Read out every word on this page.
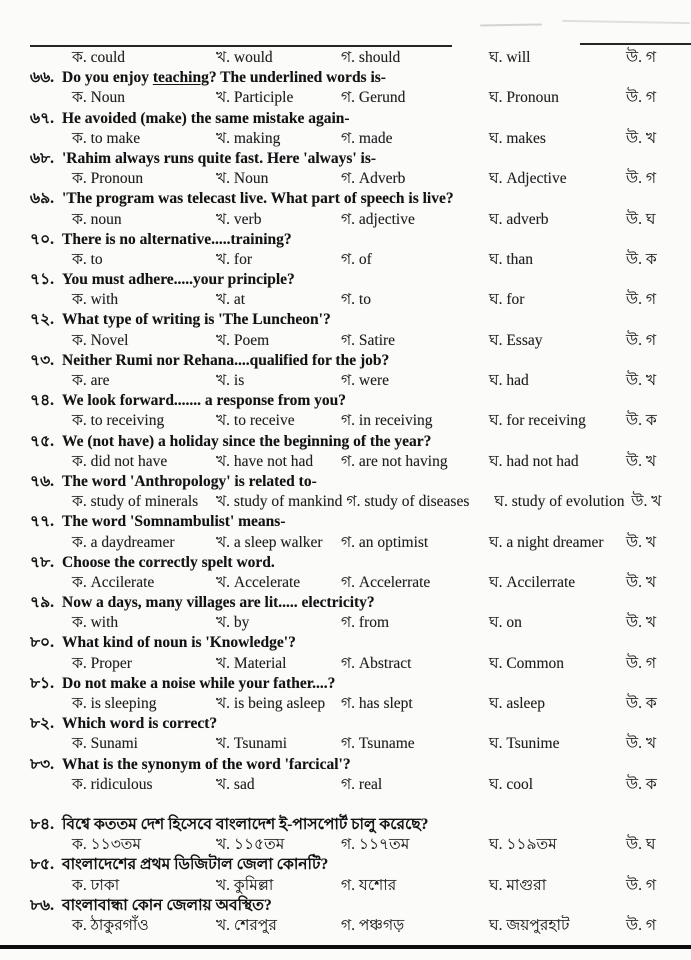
ক. could	খ. would	গ. should	ঘ. will	উ. গ
৬৬. Do you enjoy teaching? The underlined words is-
ক. Noun	খ. Participle	গ. Gerund	ঘ. Pronoun	উ. গ
৬৭. He avoided (make) the same mistake again-
ক. to make	খ. making	গ. made	ঘ. makes	উ. খ
৬৮. 'Rahim always runs quite fast. Here 'always' is-
ক. Pronoun	খ. Noun	গ. Adverb	ঘ. Adjective	উ. গ
৬৯. 'The program was telecast live. What part of speech is live?
ক. noun	খ. verb	গ. adjective	ঘ. adverb	উ. ঘ
৭০. There is no alternative.....training?
ক. to	খ. for	গ. of	ঘ. than	উ. ক
৭১. You must adhere.....your principle?
ক. with	খ. at	গ. to	ঘ. for	উ. গ
৭২. What type of writing is 'The Luncheon'?
ক. Novel	খ. Poem	গ. Satire	ঘ. Essay	উ. গ
৭৩. Neither Rumi nor Rehana....qualified for the job?
ক. are	খ. is	গ. were	ঘ. had	উ. খ
৭৪. We look forward....... a response from you?
ক. to receiving	খ. to receive	গ. in receiving	ঘ. for receiving	উ. ক
৭৫. We (not have) a holiday since the beginning of the year?
ক. did not have	খ. have not had	গ. are not having	ঘ. had not had	উ. খ
৭৬. The word 'Anthropology' is related to-
ক. study of minerals	খ. study of mankind গ. study of diseases	ঘ. study of evolution উ. খ
৭৭. The word 'Somnambulist' means-
ক. a daydreamer	খ. a sleep walker	গ. an optimist	ঘ. a night dreamer	উ. খ
৭৮. Choose the correctly spelt word.
ক. Accilerate	খ. Accelerate	গ. Accelerrate	ঘ. Accilerrate	উ. খ
৭৯. Now a days, many villages are lit..... electricity?
ক. with	খ. by	গ. from	ঘ. on	উ. খ
৮০. What kind of noun is 'Knowledge'?
ক. Proper	খ. Material	গ. Abstract	ঘ. Common	উ. গ
৮১. Do not make a noise while your father....?
ক. is sleeping	খ. is being asleep	গ. has slept	ঘ. asleep	উ. ক
৮২. Which word is correct?
ক. Sunami	খ. Tsunami	গ. Tsuname	ঘ. Tsunime	উ. খ
৮৩. What is the synonym of the word 'farcical'?
ক. ridiculous	খ. sad	গ. real	ঘ. cool	উ. ক
৮৪. বিশ্বে কততম দেশ হিসেবে বাংলাদেশ ই-পাসপোর্ট চালু করেছে?
ক. ১১৩তম	খ. ১১৫তম	গ. ১১৭তম	ঘ. ১১৯তম	উ. ঘ
৮৫. বাংলাদেশের প্রথম ডিজিটাল জেলা কোনটি?
ক. ঢাকা	খ. কুমিল্লা	গ. যশোর	ঘ. মাগুরা	উ. গ
৮৬. বাংলাবান্ধা কোন জেলায় অবস্থিত?
ক. ঠাকুরগাঁও	খ. শেরপুর	গ. পঞ্চগড়	ঘ. জয়পুরহাট	উ. গ
